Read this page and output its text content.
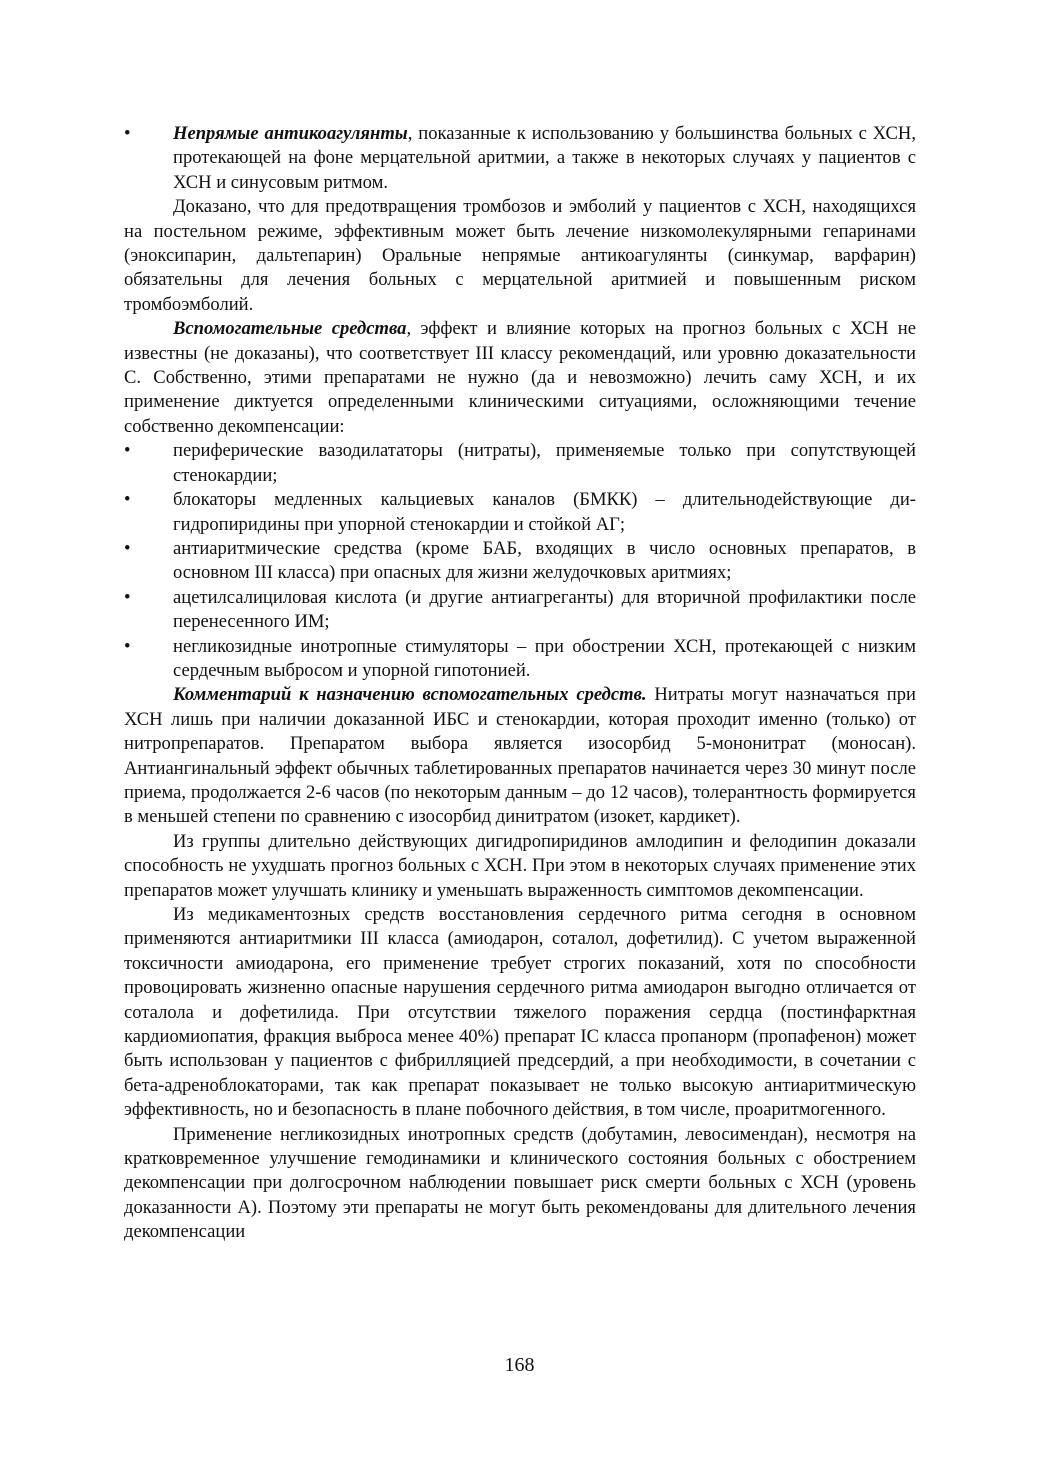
•	Непрямые антикоагулянты, показанные к использованию у большинства больных с ХСН, протекающей на фоне мерцательной аритмии, а также в некоторых случаях у пациентов с ХСН и синусовым ритмом.

Доказано, что для предотвращения тромбозов и эмболий у пациентов с ХСН, находящихся на постельном режиме, эффективным может быть лечение низкомолекулярными гепаринами (эноксипарин, дальтепарин) Оральные непрямые антикоагулянты (синкумар, варфарин) обязательны для лечения больных с мерцательной аритмией и повышенным риском тромбоэмболий.

Вспомогательные средства, эффект и влияние которых на прогноз больных с ХСН не известны (не доказаны), что соответствует III классу рекомендаций, или уровню доказательности С. Собственно, этими препаратами не нужно (да и невозможно) лечить саму ХСН, и их применение диктуется определенными клиническими ситуациями, осложняющими течение собственно декомпенсации:

•	периферические вазодилататоры (нитраты), применяемые только при сопутствующей стенокардии;
•	блокаторы медленных кальциевых каналов (БМКК) – длительнодействующие дигидропиридины при упорной стенокардии и стойкой АГ;
•	антиаритмические средства (кроме БАБ, входящих в число основных препаратов, в основном III класса) при опасных для жизни желудочковых аритмиях;
•	ацетилсалициловая кислота (и другие антиагреганты) для вторичной профилактики после перенесенного ИМ;
•	негликозидные инотропные стимуляторы – при обострении ХСН, протекающей с низким сердечным выбросом и упорной гипотонией.

Комментарий к назначению вспомогательных средств. Нитраты могут назначаться при ХСН лишь при наличии доказанной ИБС и стенокардии, которая проходит именно (только) от нитропрепаратов. Препаратом выбора является изосорбид 5-мононитрат (моносан). Антиангинальный эффект обычных таблетированных препаратов начинается через 30 минут после приема, продолжается 2-6 часов (по некоторым данным – до 12 часов), толерантность формируется в меньшей степени по сравнению с изосорбид динитратом (изокет, кардикет).

Из группы длительно действующих дигидропиридинов амлодипин и фелодипин доказали способность не ухудшать прогноз больных с ХСН. При этом в некоторых случаях применение этих препаратов может улучшать клинику и уменьшать выраженность симптомов декомпенсации.

Из медикаментозных средств восстановления сердечного ритма сегодня в основном применяются антиаритмики III класса (амиодарон, соталол, дофетилид). С учетом выраженной токсичности амиодарона, его применение требует строгих показаний, хотя по способности провоцировать жизненно опасные нарушения сердечного ритма амиодарон выгодно отличается от соталола и дофетилида. При отсутствии тяжелого поражения сердца (постинфарктная кардиомиопатия, фракция выброса менее 40%) препарат IС класса пропанорм (пропафенон) может быть использован у пациентов с фибрилляцией предсердий, а при необходимости, в сочетании с бета-адреноблокаторами, так как препарат показывает не только высокую антиаритмическую эффективность, но и безопасность в плане побочного действия, в том числе, проаритмогенного.

Применение негликозидных инотропных средств (добутамин, левосимендан), несмотря на кратковременное улучшение гемодинамики и клинического состояния больных с обострением декомпенсации при долгосрочном наблюдении повышает риск смерти больных с ХСН (уровень доказанности А). Поэтому эти препараты не могут быть рекомендованы для длительного лечения декомпенсации

168
